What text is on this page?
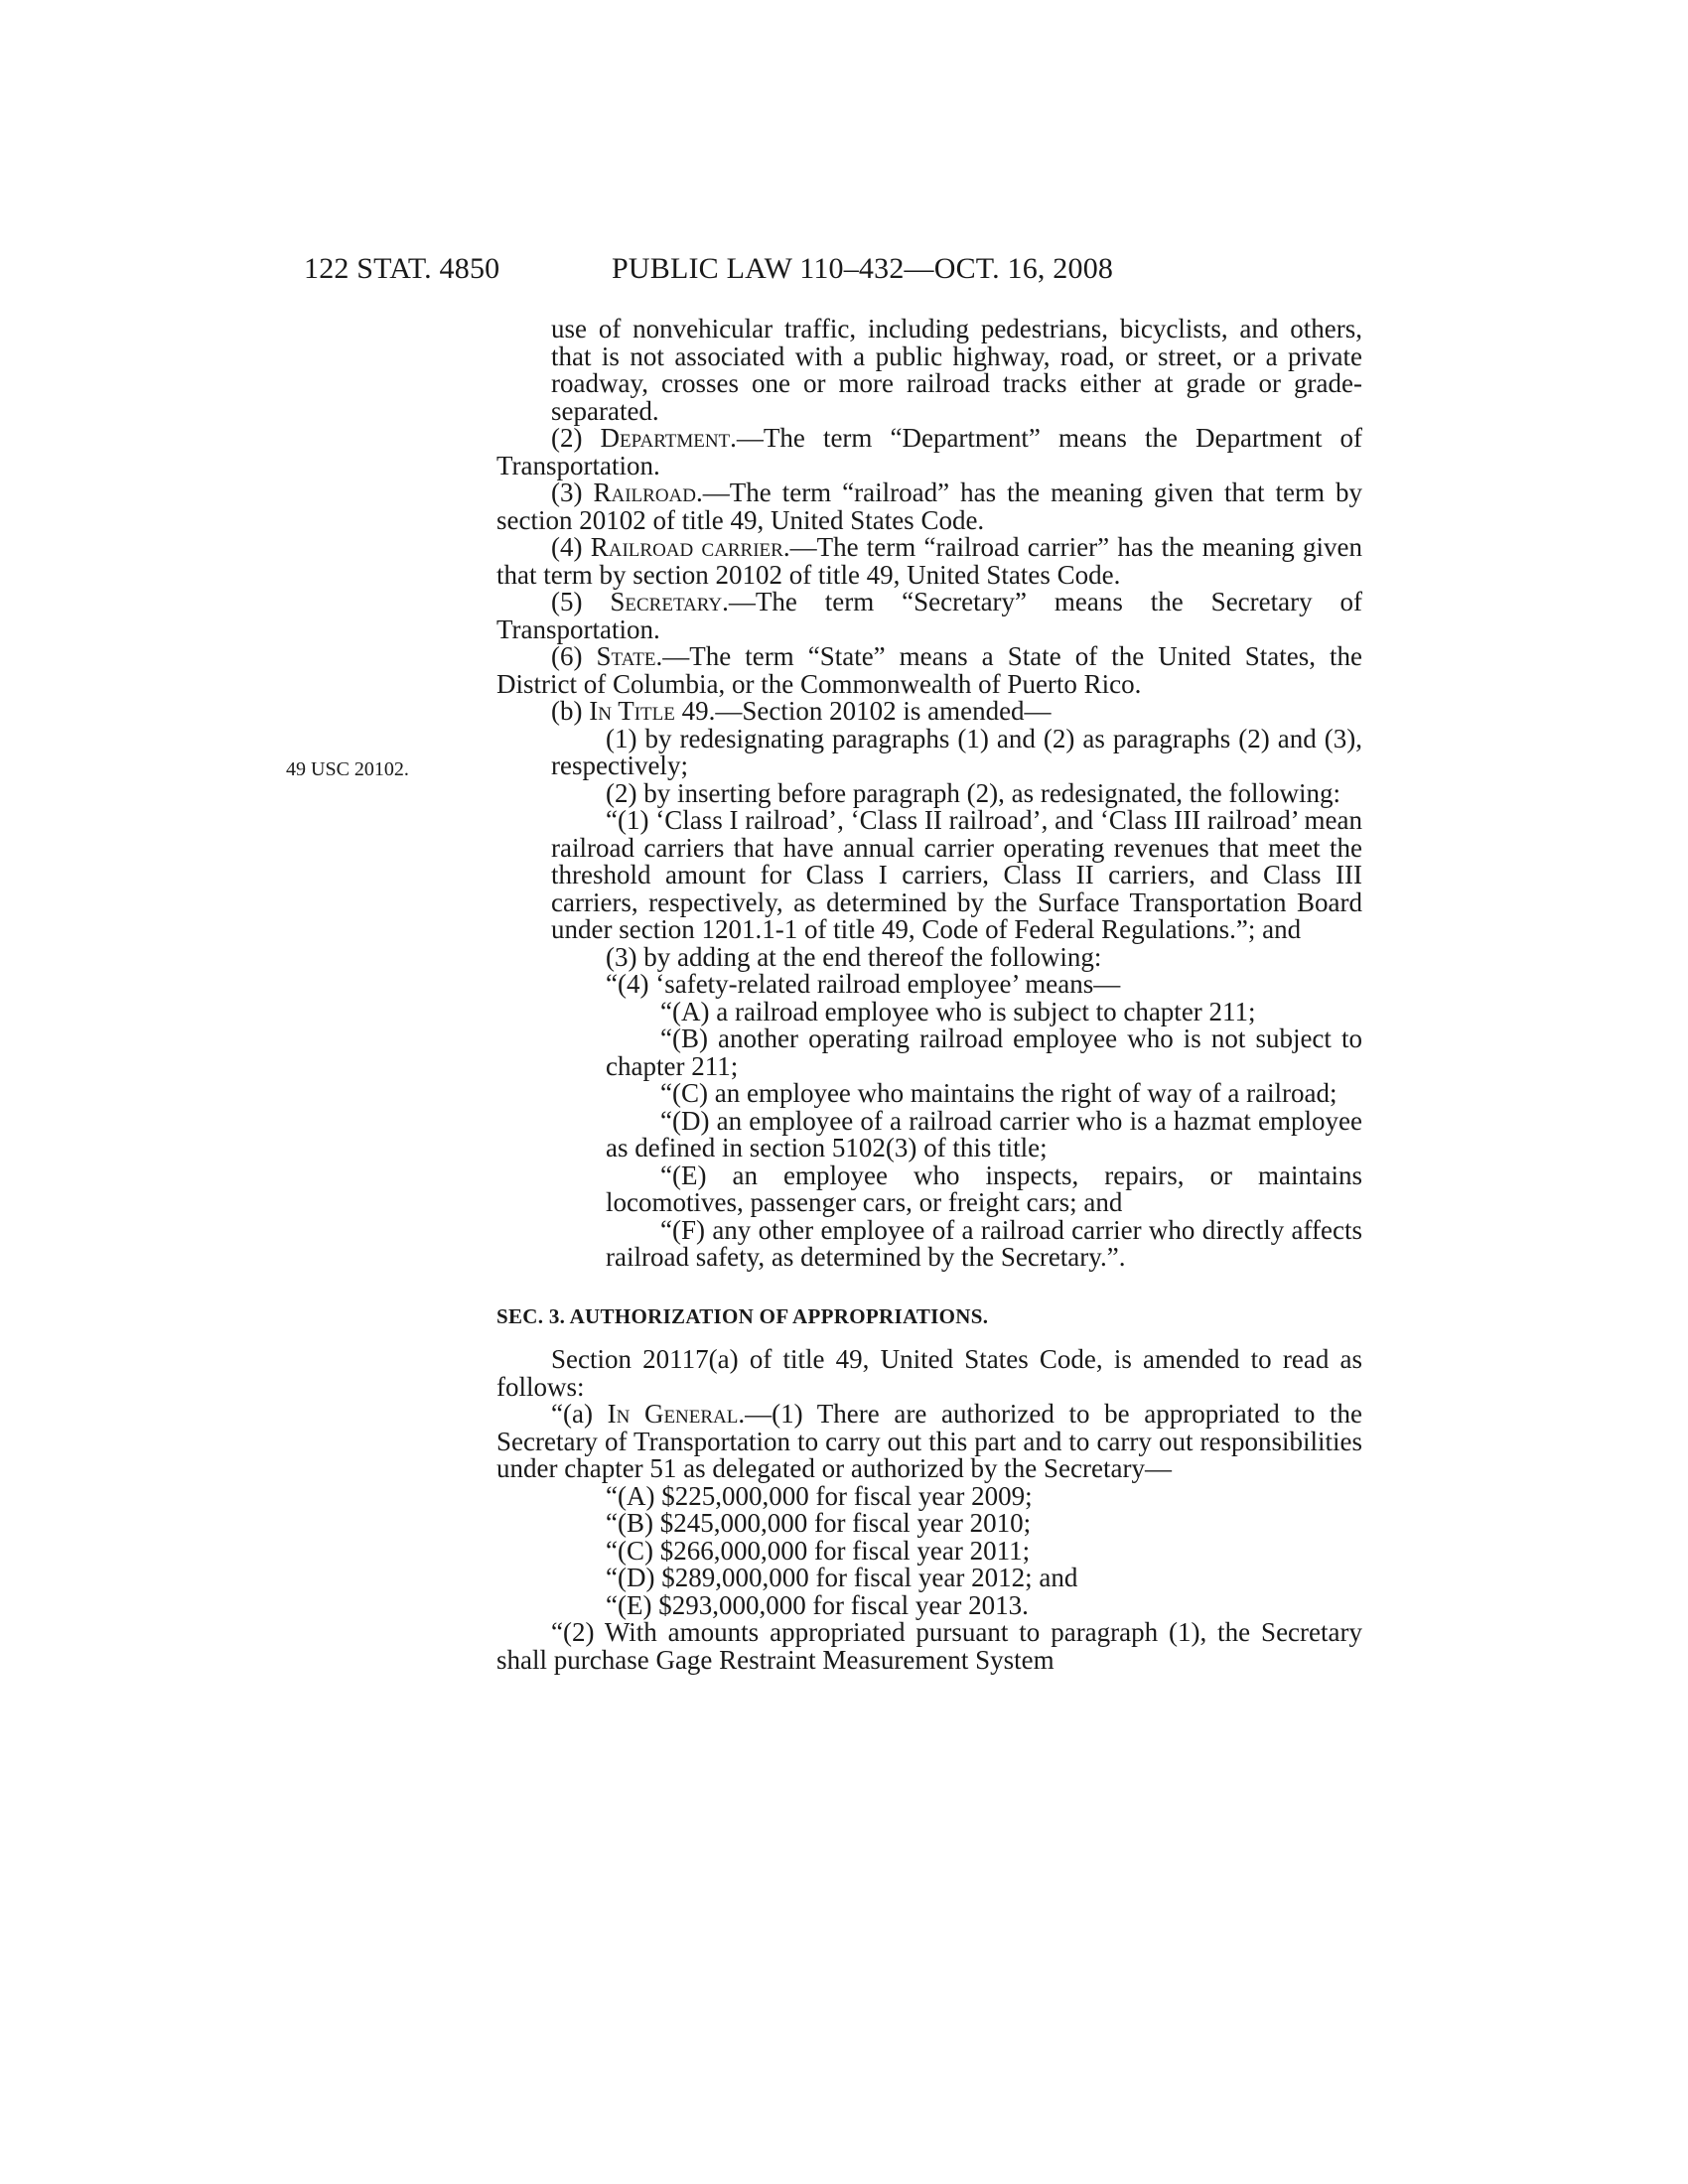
122 STAT. 4850	PUBLIC LAW 110–432—OCT. 16, 2008
49 USC 20102.

use of nonvehicular traffic, including pedestrians, bicyclists, and others, that is not associated with a public highway, road, or street, or a private roadway, crosses one or more railroad tracks either at grade or grade-separated.

(2) Department.—The term “Department” means the Department of Transportation.

(3) Railroad.—The term “railroad” has the meaning given that term by section 20102 of title 49, United States Code.

(4) Railroad carrier.—The term “railroad carrier” has the meaning given that term by section 20102 of title 49, United States Code.

(5) Secretary.—The term “Secretary” means the Secretary of Transportation.

(6) State.—The term “State” means a State of the United States, the District of Columbia, or the Commonwealth of Puerto Rico.

(b) In Title 49.—Section 20102 is amended—

(1) by redesignating paragraphs (1) and (2) as paragraphs (2) and (3), respectively;

(2) by inserting before paragraph (2), as redesignated, the following:

“(1) ‘Class I railroad’, ‘Class II railroad’, and ‘Class III railroad’ mean railroad carriers that have annual carrier operating revenues that meet the threshold amount for Class I carriers, Class II carriers, and Class III carriers, respectively, as determined by the Surface Transportation Board under section 1201.1-1 of title 49, Code of Federal Regulations.”; and

(3) by adding at the end thereof the following:

“(4) ‘safety-related railroad employee’ means—

“(A) a railroad employee who is subject to chapter 211;

“(B) another operating railroad employee who is not subject to chapter 211;

“(C) an employee who maintains the right of way of a railroad;

“(D) an employee of a railroad carrier who is a hazmat employee as defined in section 5102(3) of this title;

“(E) an employee who inspects, repairs, or maintains locomotives, passenger cars, or freight cars; and

“(F) any other employee of a railroad carrier who directly affects railroad safety, as determined by the Secretary.”.

SEC. 3. AUTHORIZATION OF APPROPRIATIONS.

Section 20117(a) of title 49, United States Code, is amended to read as follows:

“(a) In General.—(1) There are authorized to be appropriated to the Secretary of Transportation to carry out this part and to carry out responsibilities under chapter 51 as delegated or authorized by the Secretary—

“(A) $225,000,000 for fiscal year 2009;

“(B) $245,000,000 for fiscal year 2010;

“(C) $266,000,000 for fiscal year 2011;

“(D) $289,000,000 for fiscal year 2012; and

“(E) $293,000,000 for fiscal year 2013.

“(2) With amounts appropriated pursuant to paragraph (1), the Secretary shall purchase Gage Restraint Measurement System
